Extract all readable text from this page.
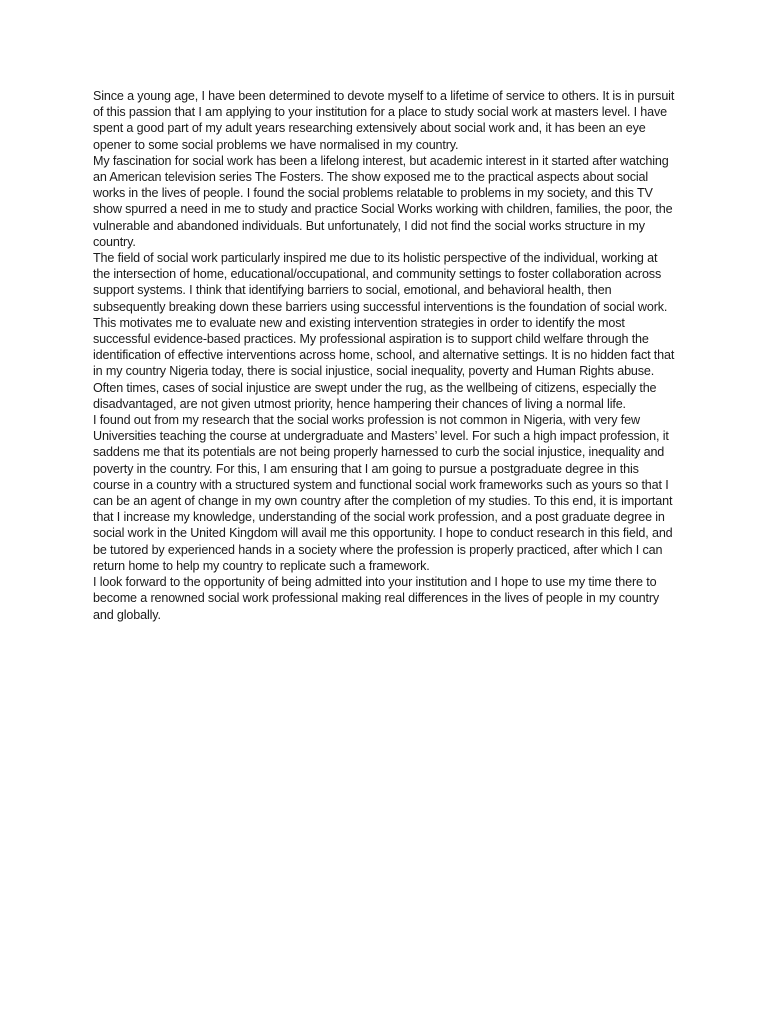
Since a young age, I have been determined to devote myself to a lifetime of service to others. It is in pursuit of this passion that I am applying to your institution for a place to study social work at masters level. I have spent a good part of my adult years researching extensively about social work and, it has been an eye opener to some social problems we have normalised in my country.

My fascination for social work has been a lifelong interest, but academic interest in it started after watching an American television series The Fosters. The show exposed me to the practical aspects about social works in the lives of people. I found the social problems relatable to problems in my society, and this TV show spurred a need in me to study and practice Social Works working with children, families, the poor, the vulnerable and abandoned individuals. But unfortunately, I did not find the social works structure in my country.

The field of social work particularly inspired me due to its holistic perspective of the individual, working at the intersection of home, educational/occupational, and community settings to foster collaboration across support systems. I think that identifying barriers to social, emotional, and behavioral health, then subsequently breaking down these barriers using successful interventions is the foundation of social work. This motivates me to evaluate new and existing intervention strategies in order to identify the most successful evidence-based practices. My professional aspiration is to support child welfare through the identification of effective interventions across home, school, and alternative settings. It is no hidden fact that in my country Nigeria today, there is social injustice, social inequality, poverty and Human Rights abuse. Often times, cases of social injustice are swept under the rug, as the wellbeing of citizens, especially the disadvantaged, are not given utmost priority, hence hampering their chances of living a normal life.

I found out from my research that the social works profession is not common in Nigeria, with very few Universities teaching the course at undergraduate and Masters’ level. For such a high impact profession, it saddens me that its potentials are not being properly harnessed to curb the social injustice, inequality and poverty in the country. For this, I am ensuring that I am going to pursue a postgraduate degree in this course in a country with a structured system and functional social work frameworks such as yours so that I can be an agent of change in my own country after the completion of my studies. To this end, it is important that I increase my knowledge, understanding of the social work profession, and a post graduate degree in social work in the United Kingdom will avail me this opportunity. I hope to conduct research in this field, and be tutored by experienced hands in a society where the profession is properly practiced, after which I can return home to help my country to replicate such a framework.

I look forward to the opportunity of being admitted into your institution and I hope to use my time there to become a renowned social work professional making real differences in the lives of people in my country and globally.
